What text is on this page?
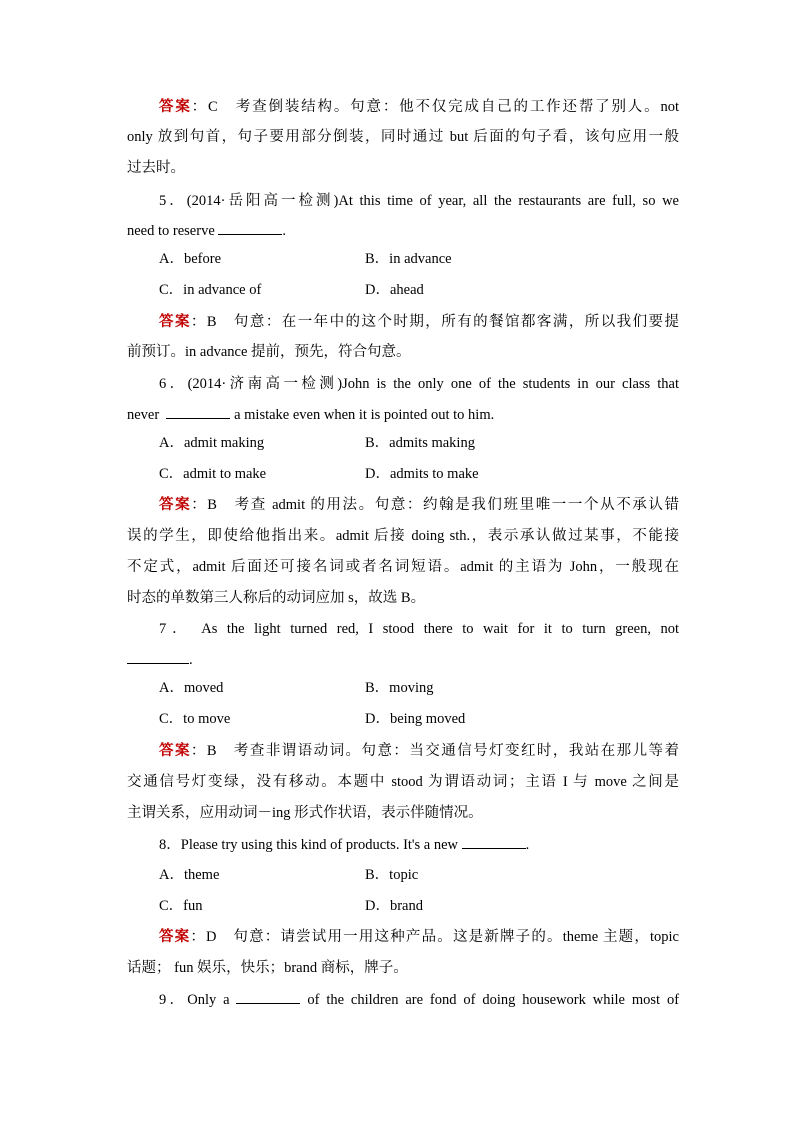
答案：C　考查倒装结构。句意：他不仅完成自己的工作还帮了别人。not
only 放到句首，句子要用部分倒装，同时通过 but 后面的句子看，该句应用一般
过去时。
5．(2014·岳阳高一检测)At this time of year, all the restaurants are full, so we
need to reserve	.
A．before	B．in advance
C．in advance of	D．ahead
答案：B　句意：在一年中的这个时期，所有的餐馆都客满，所以我们要提
前预订。in advance 提前，预先，符合句意。
6．(2014·济南高一检测)John is the only one of the students in our class that
never	a mistake even when it is pointed out to him.
A．admit making	B．admits making
C．admit to make	D．admits to make
答案：B　考查 admit 的用法。句意：约翰是我们班里唯一一个从不承认错
误的学生，即使给他指出来。admit 后接 doing sth.，表示承认做过某事，不能接
不定式，admit 后面还可接名词或者名词短语。admit 的主语为 John，一般现在
时态的单数第三人称后的动词应加 s，故选 B。
7． As the light turned red, I stood there to wait for it to turn green, not
.
A．moved	B．moving
C．to move	D．being moved
答案：B　考查非谓语动词。句意：当交通信号灯变红时，我站在那儿等着
交通信号灯变绿，没有移动。本题中 stood 为谓语动词；主语 I 与 move 之间是
主谓关系，应用动词－ing 形式作状语，表示伴随情况。
8．Please try using this kind of products. It's a new	.
A．theme	B．topic
C．fun	D．brand
答案：D　句意：请尝试用一用这种产品。这是新牌子的。theme 主题，topic
话题； fun 娱乐，快乐；brand 商标，牌子。
9．Only a	of the children are fond of doing housework while most of
